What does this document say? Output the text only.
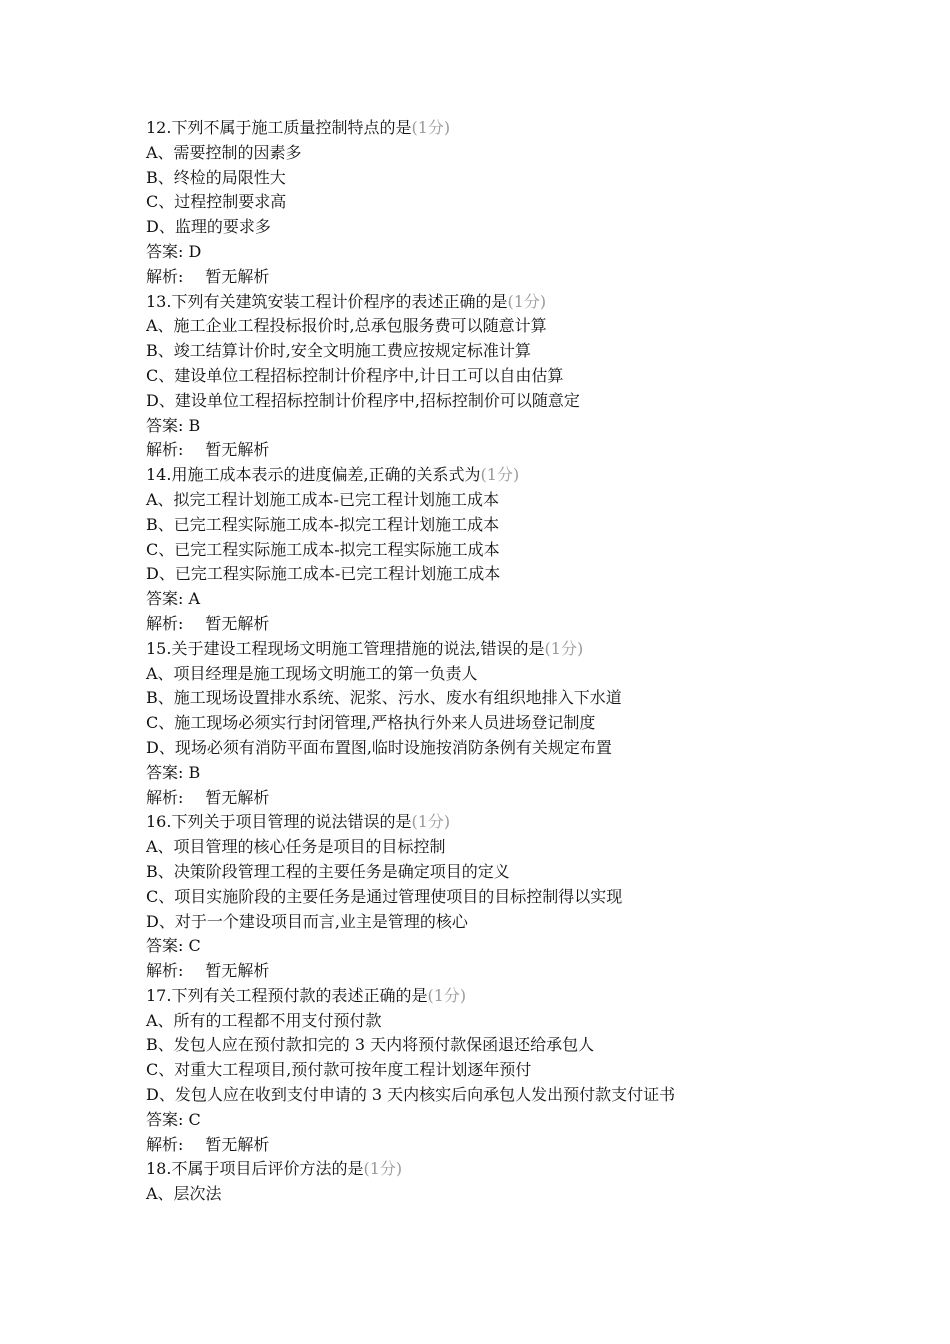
12.下列不属于施工质量控制特点的是(1分)
A、需要控制的因素多
B、终检的局限性大
C、过程控制要求高
D、监理的要求多
答案: D
解析: 暂无解析
13.下列有关建筑安装工程计价程序的表述正确的是(1分)
A、施工企业工程投标报价时,总承包服务费可以随意计算
B、竣工结算计价时,安全文明施工费应按规定标准计算
C、建设单位工程招标控制计价程序中,计日工可以自由估算
D、建设单位工程招标控制计价程序中,招标控制价可以随意定
答案: B
解析: 暂无解析
14.用施工成本表示的进度偏差,正确的关系式为(1分)
A、拟完工程计划施工成本-已完工程计划施工成本
B、已完工程实际施工成本-拟完工程计划施工成本
C、已完工程实际施工成本-拟完工程实际施工成本
D、已完工程实际施工成本-已完工程计划施工成本
答案: A
解析: 暂无解析
15.关于建设工程现场文明施工管理措施的说法,错误的是(1分)
A、项目经理是施工现场文明施工的第一负责人
B、施工现场设置排水系统、泥浆、污水、废水有组织地排入下水道
C、施工现场必须实行封闭管理,严格执行外来人员进场登记制度
D、现场必须有消防平面布置图,临时设施按消防条例有关规定布置
答案: B
解析: 暂无解析
16.下列关于项目管理的说法错误的是(1分)
A、项目管理的核心任务是项目的目标控制
B、决策阶段管理工程的主要任务是确定项目的定义
C、项目实施阶段的主要任务是通过管理使项目的目标控制得以实现
D、对于一个建设项目而言,业主是管理的核心
答案: C
解析: 暂无解析
17.下列有关工程预付款的表述正确的是(1分)
A、所有的工程都不用支付预付款
B、发包人应在预付款扣完的 3 天内将预付款保函退还给承包人
C、对重大工程项目,预付款可按年度工程计划逐年预付
D、发包人应在收到支付申请的 3 天内核实后向承包人发出预付款支付证书
答案: C
解析: 暂无解析
18.不属于项目后评价方法的是(1分)
A、层次法
